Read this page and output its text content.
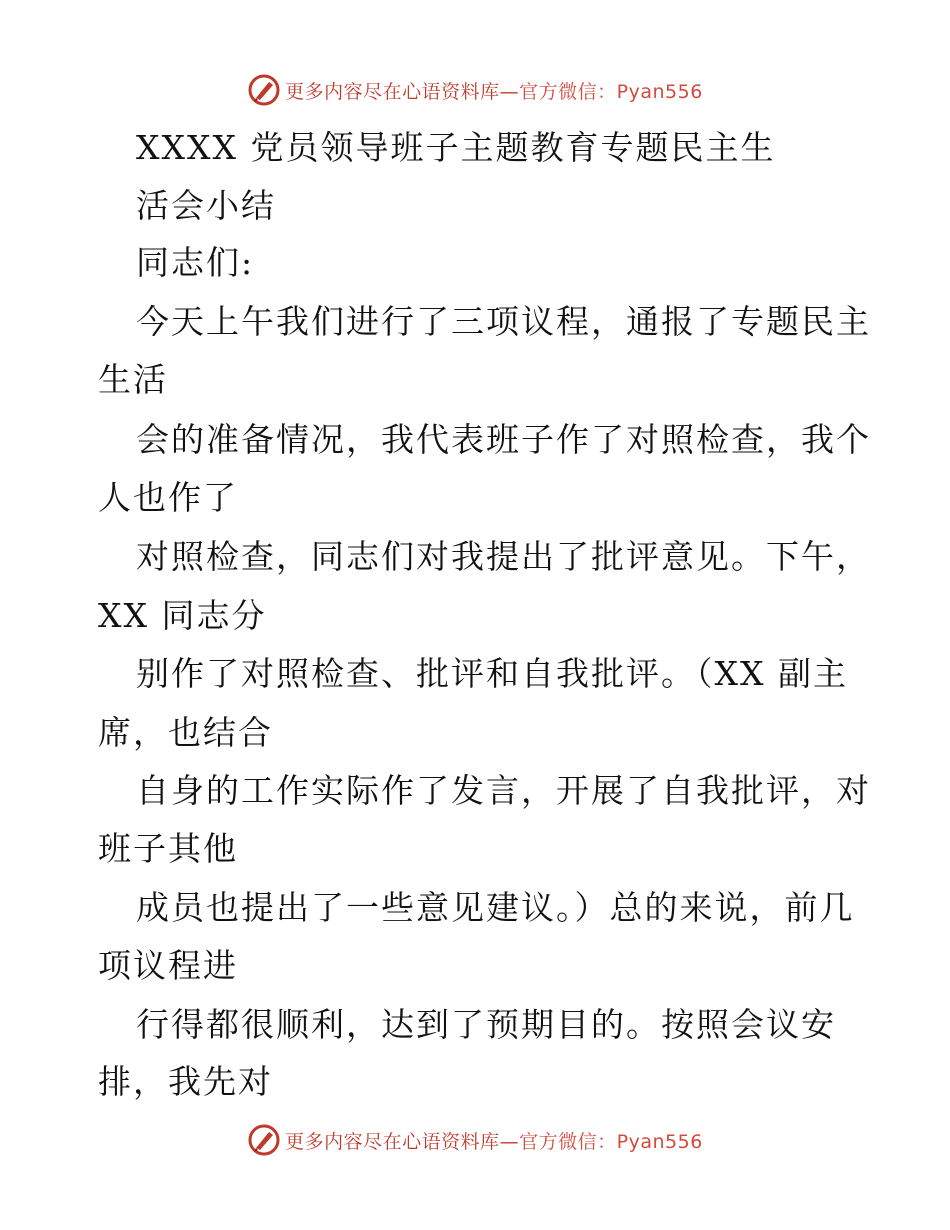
更多内容尽在心语资料库—官方微信：Pyan556
XXXX 党员领导班子主题教育专题民主生
活会小结
同志们:
今天上午我们进行了三项议程，通报了专题民主
生活
会的准备情况，我代表班子作了对照检查，我个
人也作了
对照检查，同志们对我提出了批评意见。下午，
XX 同志分
别作了对照检查、批评和自我批评。（XX 副主
席，也结合
自身的工作实际作了发言，开展了自我批评，对
班子其他
成员也提出了一些意见建议。）总的来说，前几
项议程进
行得都很顺利，达到了预期目的。按照会议安
排，我先对
更多内容尽在心语资料库—官方微信：Pyan556
